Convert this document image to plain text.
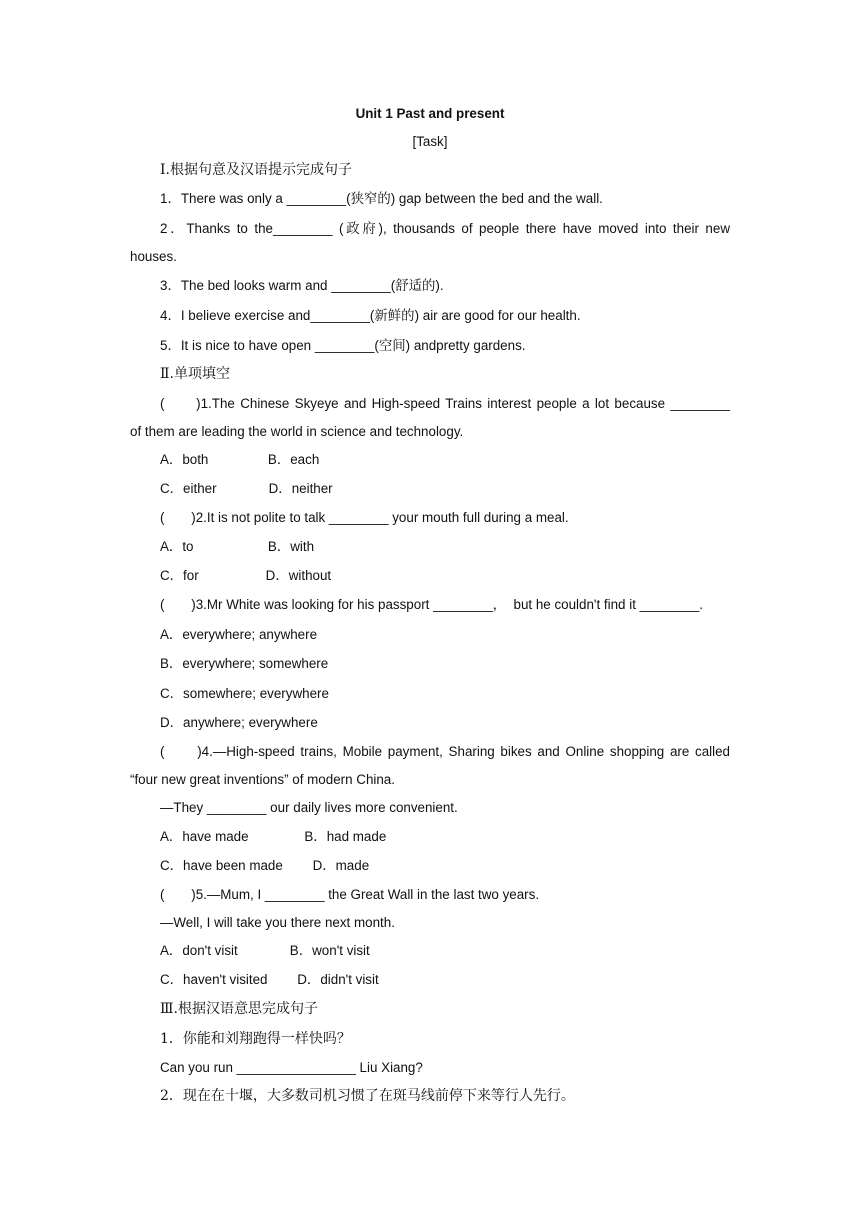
Unit 1 Past and present
[Task]
Ⅰ.根据句意及汉语提示完成句子
1．There was only a ________(狭窄的) gap between the bed and the wall.
2．Thanks to the________ (政府), thousands of people there have moved into their new
houses.
3．The bed looks warm and ________(舒适的).
4．I believe exercise and________(新鲜的) air are good for our health.
5．It is nice to have open ________(空间) andpretty gardens.
Ⅱ.单项填空
(　　)1.The Chinese Skyeye and High-speed Trains interest people a lot because ________
of them are leading the world in science and technology.
A．both                B．each
C．either              D．neither
(　　)2.It is not polite to talk ________ your mouth full during a meal.
A．to                    B．with
C．for                  D．without
(　　)3.Mr White was looking for his passport ________，  but he couldn't find it ________.
A．everywhere; anywhere
B．everywhere; somewhere
C．somewhere; everywhere
D．anywhere; everywhere
(　　)4.—High-speed trains, Mobile payment, Sharing bikes and Online shopping are called
“four new great inventions” of modern China.
—They ________ our daily lives more convenient.
A．have made               B．had made
C．have been made        D．made
(　　)5.—Mum, I ________ the Great Wall in the last two years.
—Well, I will take you there next month.
A．don't visit              B．won't visit
C．haven't visited        D．didn't visit
Ⅲ.根据汉语意思完成句子
1．你能和刘翔跑得一样快吗？
Can you run ________________ Liu Xiang?
2．现在在十堰，大多数司机习惯了在斑马线前停下来等行人先行。
